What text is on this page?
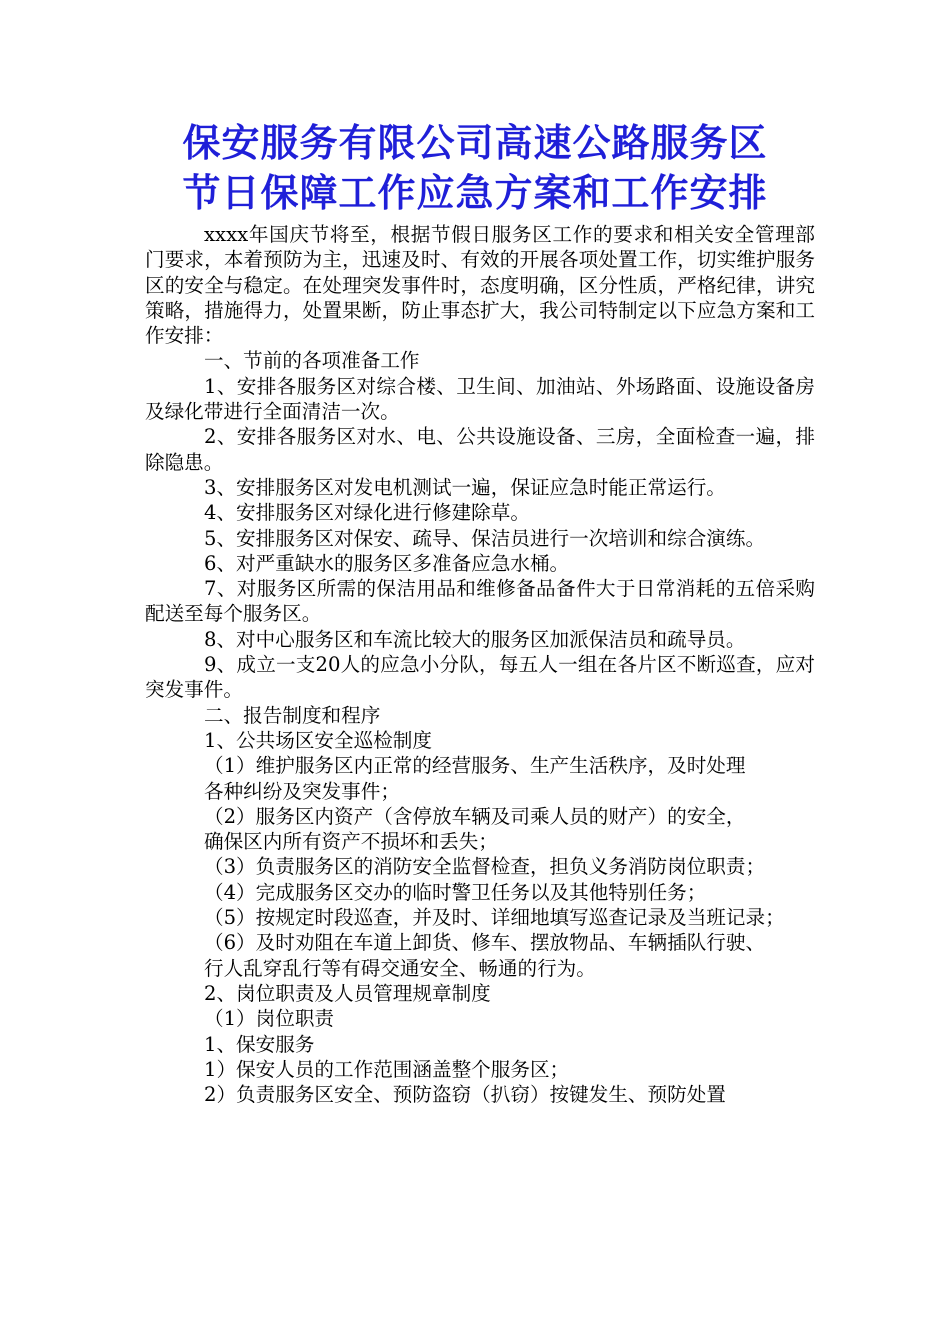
保安服务有限公司高速公路服务区
节日保障工作应急方案和工作安排

xxxx年国庆节将至，根据节假日服务区工作的要求和相关安全管理部门要求，本着预防为主，迅速及时、有效的开展各项处置工作，切实维护服务区的安全与稳定。在处理突发事件时，态度明确，区分性质，严格纪律，讲究策略，措施得力，处置果断，防止事态扩大，我公司特制定以下应急方案和工作安排：

一、节前的各项准备工作

1、安排各服务区对综合楼、卫生间、加油站、外场路面、设施设备房及绿化带进行全面清洁一次。

2、安排各服务区对水、电、公共设施设备、三房，全面检查一遍，排除隐患。

3、安排服务区对发电机测试一遍，保证应急时能正常运行。

4、安排服务区对绿化进行修建除草。

5、安排服务区对保安、疏导、保洁员进行一次培训和综合演练。

6、对严重缺水的服务区多准备应急水桶。

7、对服务区所需的保洁用品和维修备品备件大于日常消耗的五倍采购配送至每个服务区。

8、对中心服务区和车流比较大的服务区加派保洁员和疏导员。

9、成立一支20人的应急小分队，每五人一组在各片区不断巡查，应对突发事件。

二、报告制度和程序

1、公共场区安全巡检制度

（1）维护服务区内正常的经营服务、生产生活秩序，及时处理

各种纠纷及突发事件；

（2）服务区内资产（含停放车辆及司乘人员的财产）的安全，

确保区内所有资产不损坏和丢失；

（3）负责服务区的消防安全监督检查，担负义务消防岗位职责；

（4）完成服务区交办的临时警卫任务以及其他特别任务；

（5）按规定时段巡查，并及时、详细地填写巡查记录及当班记录；

（6）及时劝阻在车道上卸货、修车、摆放物品、车辆插队行驶、

行人乱穿乱行等有碍交通安全、畅通的行为。

2、岗位职责及人员管理规章制度

（1）岗位职责

1、保安服务

1）保安人员的工作范围涵盖整个服务区；

2）负责服务区安全、预防盗窃（扒窃）按键发生、预防处置
